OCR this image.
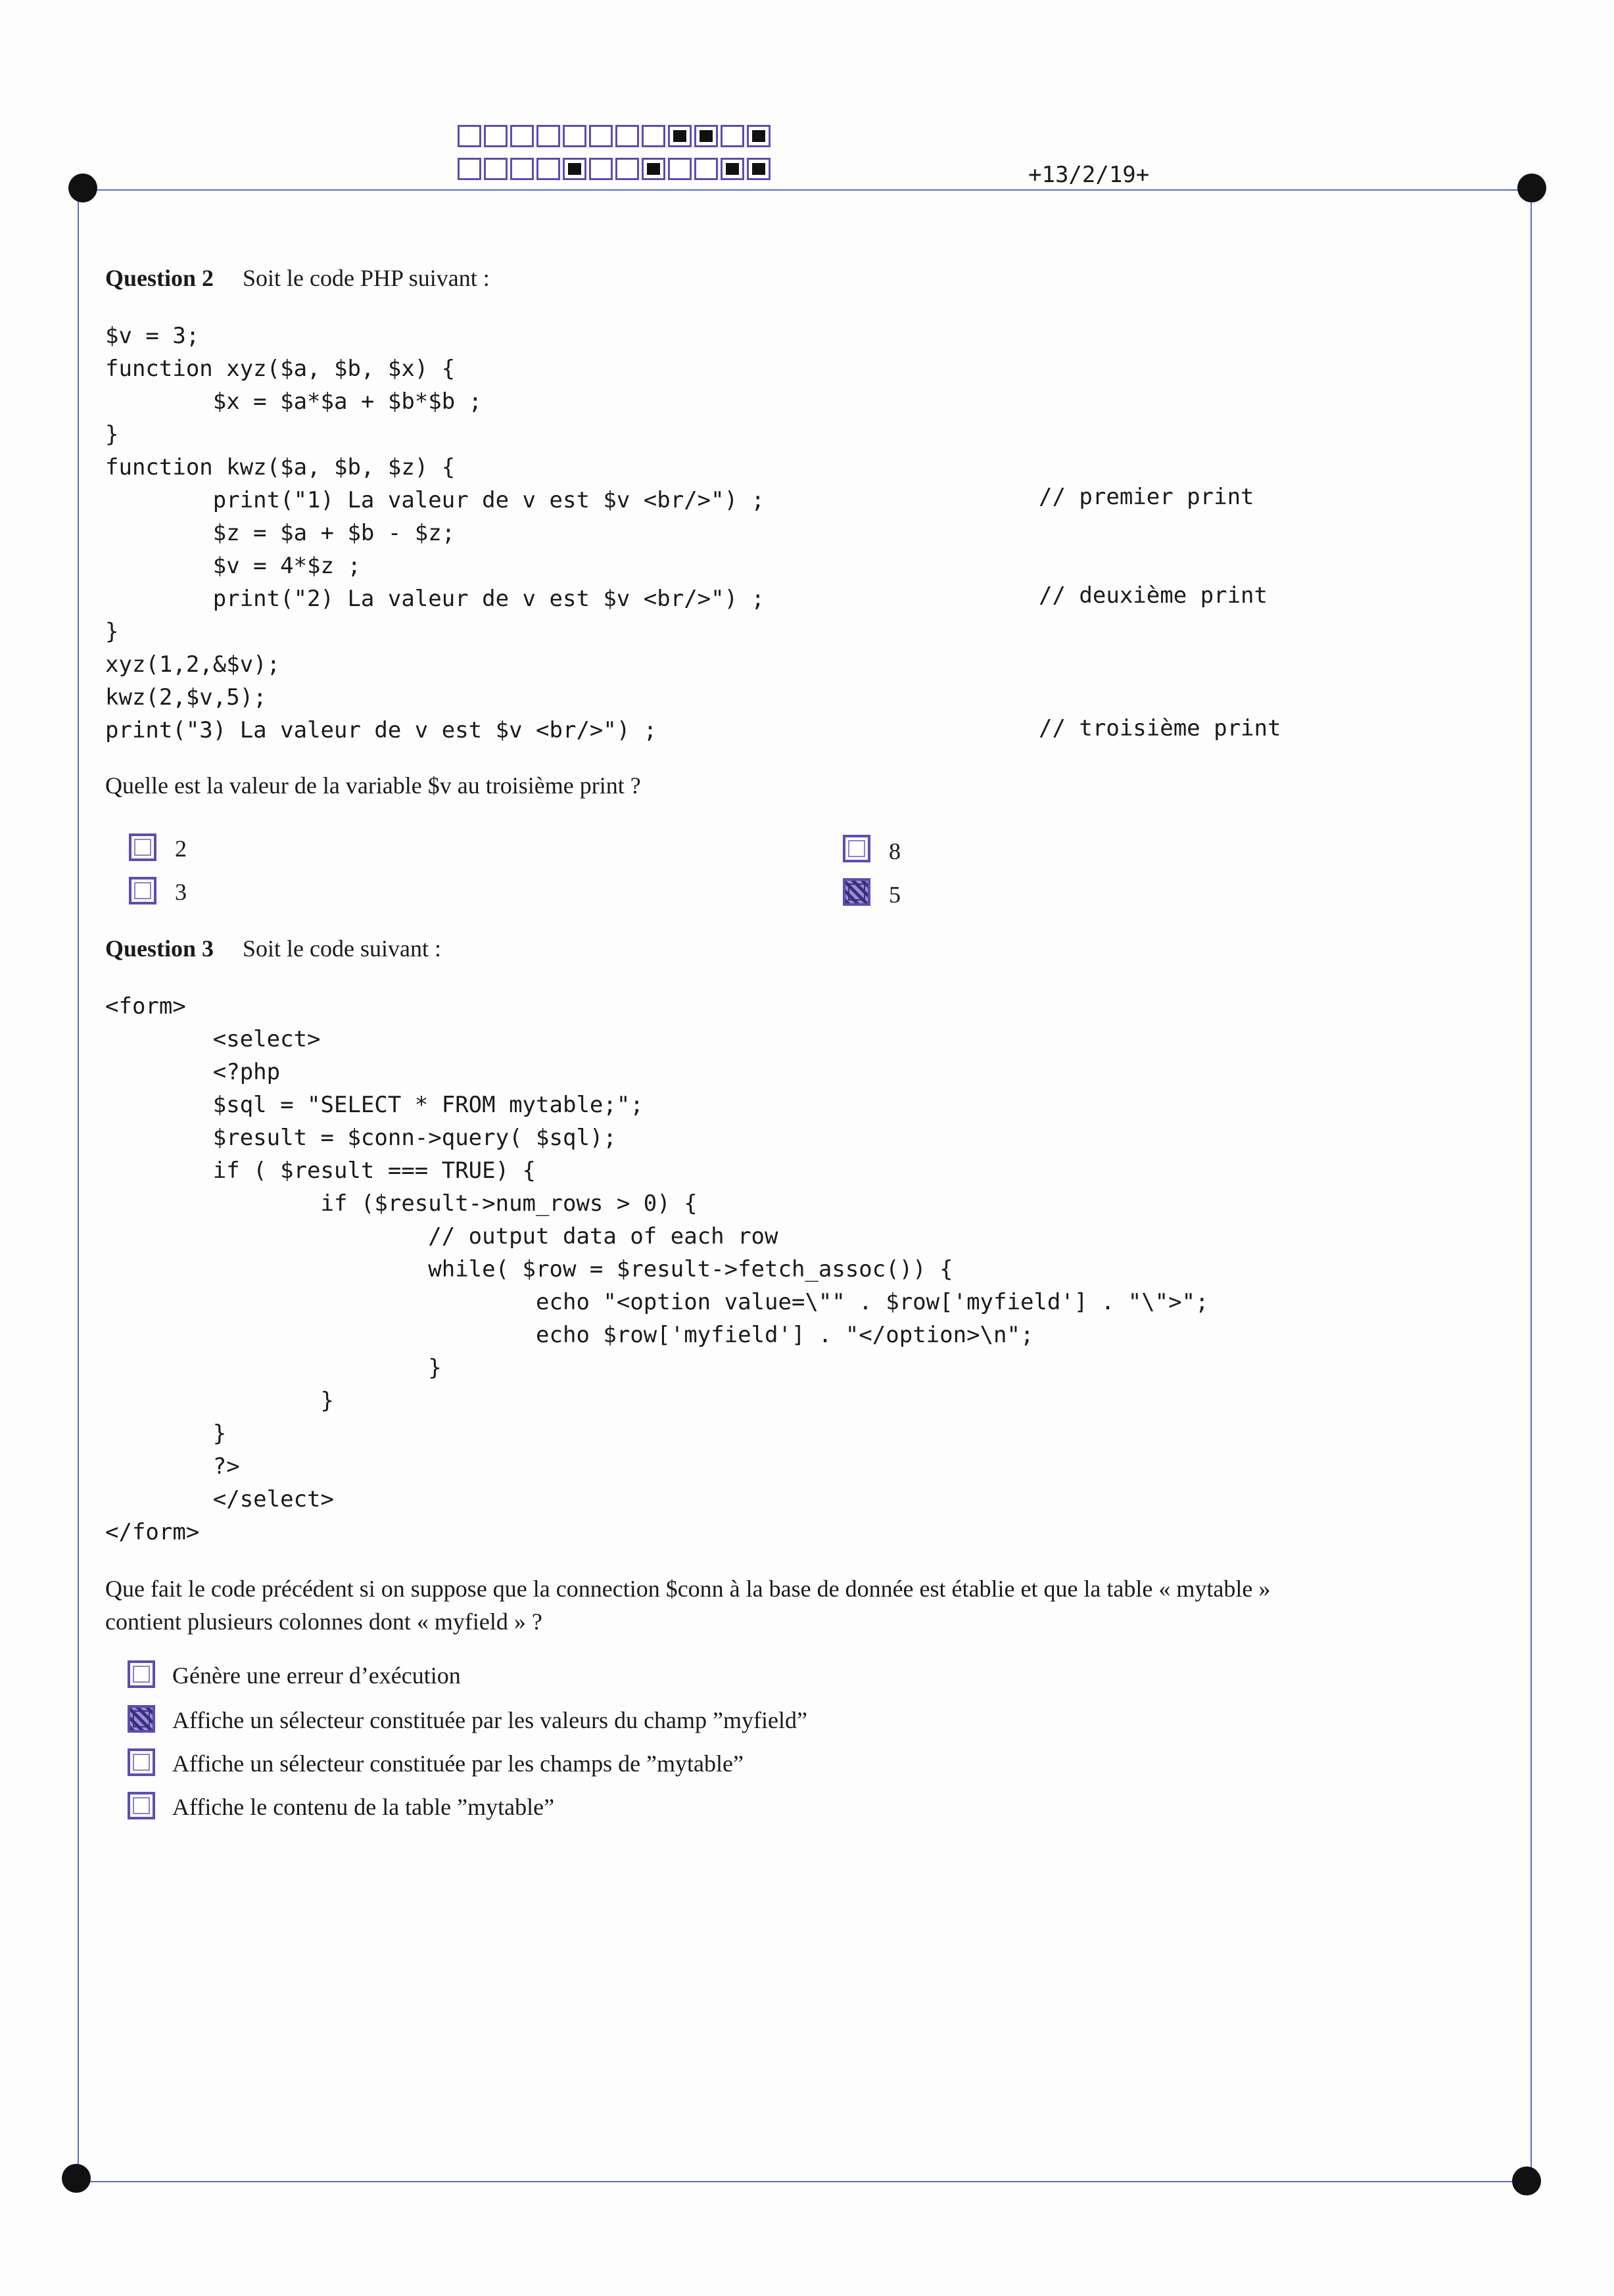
+13/2/19+
Question 2 Soit le code PHP suivant :
$v = 3;
function xyz($a, $b, $x) {
$x = $a*$a + $b*$b ;
}
function kwz($a, $b, $z) {
print("1) La valeur de v est $v <br/>") ;
$z = $a + $b - $z;
$v = 4*$z ;
print("2) La valeur de v est $v <br/>") ;
}
xyz(1,2,&$v);
kwz(2,$v,5);
print("3) La valeur de v est $v <br/>") ;
// premier print
// deuxième print
// troisième print
Quelle est la valeur de la variable $v au troisième print ?
2
3
8
5
Question 3 Soit le code suivant :
<form>
<select>
<?php
$sql = "SELECT * FROM mytable;";
$result = $conn->query( $sql);
if ( $result === TRUE) {
if ($result->num_rows > 0) {
// output data of each row
while( $row = $result->fetch_assoc()) {
echo "<option value=\"" . $row['myfield'] . "\">";
echo $row['myfield'] . "</option>\n";
}
}
}
?>
</select>
</form>
Que fait le code précédent si on suppose que la connection $conn à la base de donnée est établie et que la table « mytable »
contient plusieurs colonnes dont « myfield » ?
Génère une erreur d’exécution
Affiche un sélecteur constituée par les valeurs du champ ”myfield”
Affiche un sélecteur constituée par les champs de ”mytable”
Affiche le contenu de la table ”mytable”
